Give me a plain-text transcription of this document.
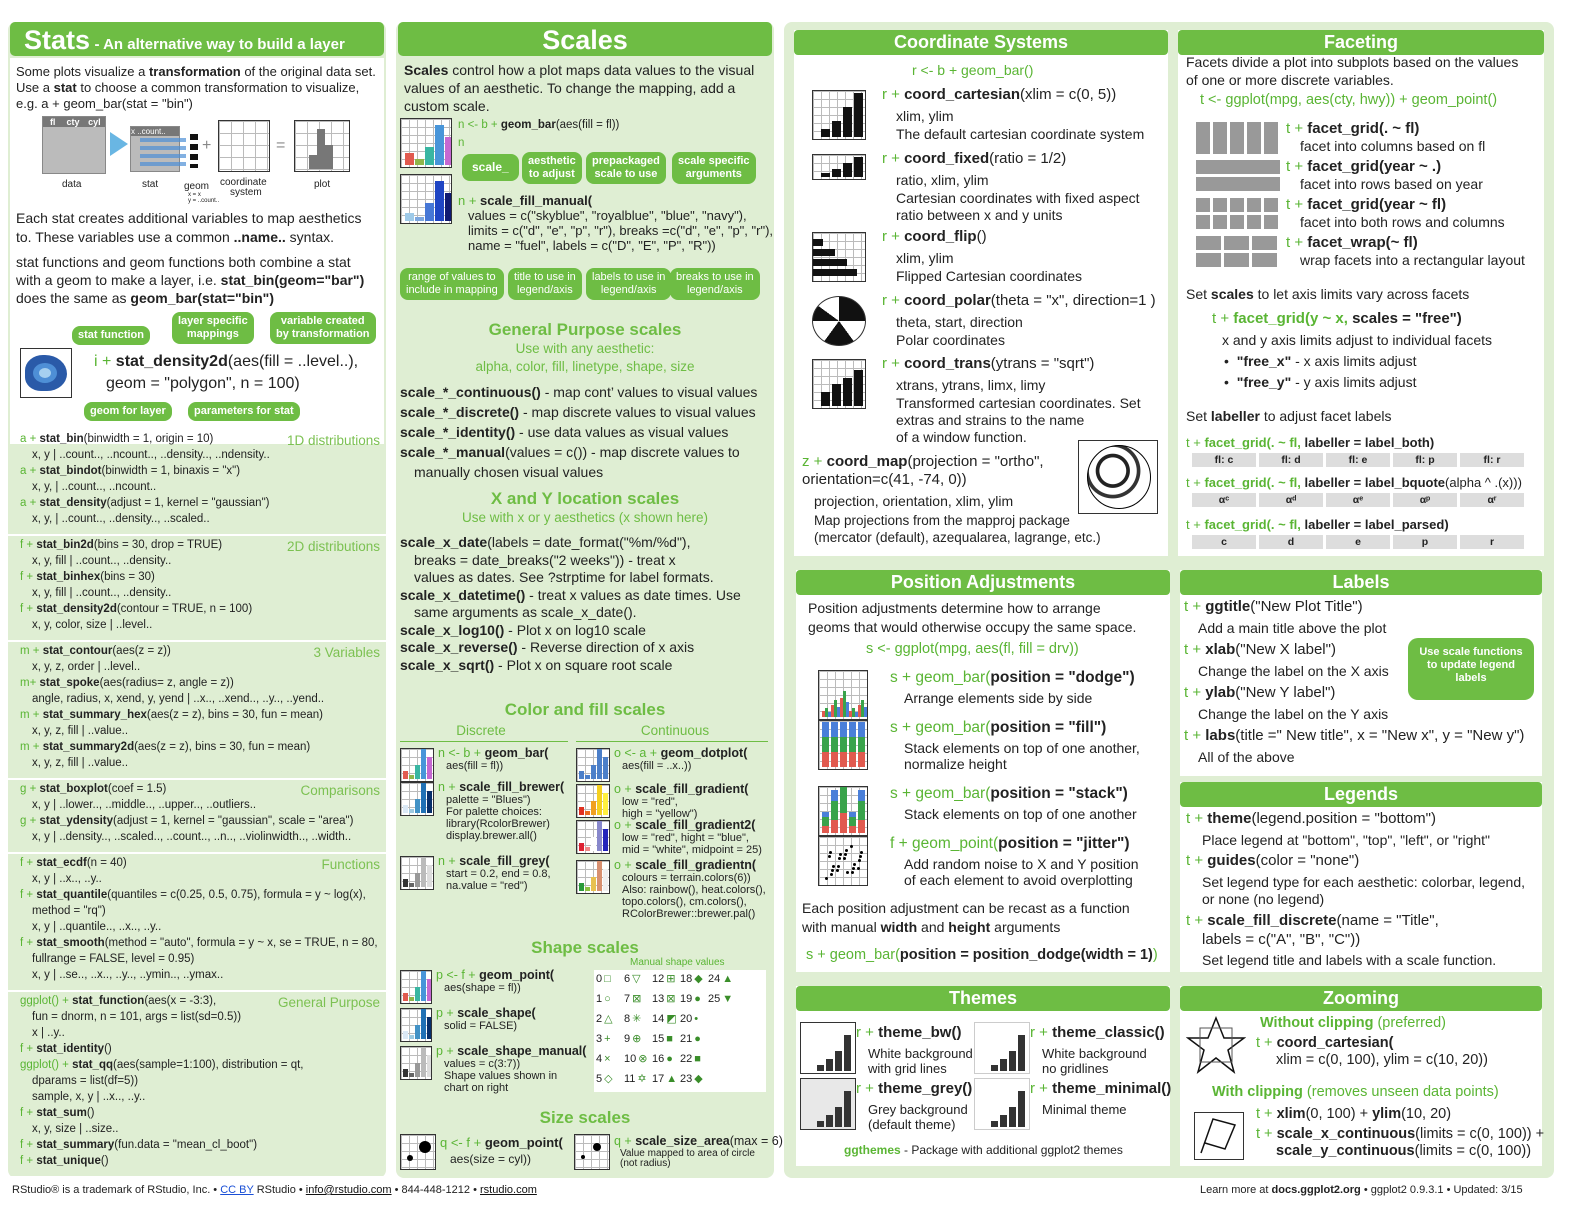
Stats - An alternative way to build a layer
Some plots visualize a transformation of the original data set.
Use a stat to choose a common transformation to visualize,
e.g. a + geom_bar(stat = "bin")
fl	cty cyl
x ..count..
+	=
data	stat	geom
x = x
y = ..count..
coordinate
system
plot
Each stat creates additional variables to map aesthetics
to. These variables use a common ..name.. syntax.
stat functions and geom functions both combine a stat
with a geom to make a layer, i.e. stat_bin(geom="bar")
does the same as geom_bar(stat="bin")
stat function
layer specific
mappings
variable created
by transformation
i + stat_density2d(aes(fill = ..level..),
geom = "polygon", n = 100)
geom for layer	parameters for stat
1D distributions
a + stat_bin(binwidth = 1, origin = 10)
x, y | ..count.., ..ncount.., ..density.., ..ndensity..
a + stat_bindot(binwidth = 1, binaxis = "x")
x, y, | ..count.., ..ncount..
a + stat_density(adjust = 1, kernel = "gaussian")
x, y, | ..count.., ..density.., ..scaled..
2D distributions
f + stat_bin2d(bins = 30, drop = TRUE)
x, y, fill | ..count.., ..density..
f + stat_binhex(bins = 30)
x, y, fill | ..count.., ..density..
f + stat_density2d(contour = TRUE, n = 100)
x, y, color, size | ..level..
3 Variables
m + stat_contour(aes(z = z))
x, y, z, order | ..level..
m+ stat_spoke(aes(radius= z, angle = z))
angle, radius, x, xend, y, yend | ..x.., ..xend.., ..y.., ..yend..
m + stat_summary_hex(aes(z = z), bins = 30, fun = mean)
x, y, z, fill | ..value..
m + stat_summary2d(aes(z = z), bins = 30, fun = mean)
x, y, z, fill | ..value..
Comparisons
g + stat_boxplot(coef = 1.5)
x, y | ..lower.., ..middle.., ..upper.., ..outliers..
g + stat_ydensity(adjust = 1, kernel = "gaussian", scale = "area")
x, y | ..density.., ..scaled.., ..count.., ..n.., ..violinwidth.., ..width..
Functions
f + stat_ecdf(n = 40)
x, y | ..x.., ..y..
f + stat_quantile(quantiles = c(0.25, 0.5, 0.75), formula = y ~ log(x),
method = "rq")
x, y | ..quantile.., ..x.., ..y..
f + stat_smooth(method = "auto", formula = y ~ x, se = TRUE, n = 80,
fullrange = FALSE, level = 0.95)
x, y | ..se.., ..x.., ..y.., ..ymin.., ..ymax..
General Purpose
ggplot() + stat_function(aes(x = -3:3),
fun = dnorm, n = 101, args = list(sd=0.5))
x | ..y..
f + stat_identity()
ggplot() + stat_qq(aes(sample=1:100), distribution = qt,
dparams = list(df=5))
sample, x, y | ..x.., ..y..
f + stat_sum()
x, y, size | ..size..
f + stat_summary(fun.data = "mean_cl_boot")
f + stat_unique()
Scales
Scales control how a plot maps data values to the visual
values of an aesthetic. To change the mapping, add a
custom scale.
n <- b + geom_bar(aes(fill = fl))
n
scale_	aesthetic
to adjust
prepackaged
scale to use
scale specific
arguments
n + scale_fill_manual(
values = c("skyblue", "royalblue", "blue", "navy"),
limits = c("d", "e", "p", "r"), breaks =c("d", "e", "p", "r"),
name = "fuel", labels = c("D", "E", "P", "R"))
range of values to
include in mapping
title to use in
legend/axis
labels to use in
legend/axis
breaks to use in
legend/axis
General Purpose scales
Use with any aesthetic:
alpha, color, fill, linetype, shape, size
scale_*_continuous() - map cont’ values to visual values
scale_*_discrete() - map discrete values to visual values
scale_*_identity() - use data values as visual values
scale_*_manual(values = c()) - map discrete values to
manually chosen visual values
X and Y location scales
Use with x or y aesthetics (x shown here)
scale_x_date(labels = date_format("%m/%d"),
breaks = date_breaks("2 weeks")) - treat x
values as dates. See ?strptime for label formats.
scale_x_datetime() - treat x values as date times. Use
same arguments as scale_x_date().
scale_x_log10() - Plot x on log10 scale
scale_x_reverse() - Reverse direction of x axis
scale_x_sqrt() - Plot x on square root scale
Color and fill scales
Discrete	Continuous
n <- b + geom_bar(
aes(fill = fl))
n + scale_fill_brewer(
palette = "Blues")
For palette choices:
library(RcolorBrewer)
display.brewer.all()
n + scale_fill_grey(
start = 0.2, end = 0.8,
na.value = "red")
o <- a + geom_dotplot(
aes(fill = ..x..))
o + scale_fill_gradient(
low = "red",
high = "yellow")
o + scale_fill_gradient2(
low = "red", hight = "blue",
mid = "white", midpoint = 25)
o + scale_fill_gradientn(
colours = terrain.colors(6))
Also: rainbow(), heat.colors(),
topo.colors(), cm.colors(),
RColorBrewer::brewer.pal()
Shape scales
p <- f + geom_point(
aes(shape = fl))
p + scale_shape(
solid = FALSE)
p + scale_shape_manual(
values = c(3:7))
Shape values shown in
chart on right
Manual shape values
0 □
1 ○
2 △
3 +
4 ×
5 ◇
6 ▽
7 ⊠
8 ✳
9 ⊕
10 ⊗
11 ✡
12 ⊞
13 ⊠
14 ◩
15 ■
16 ●
17 ▲
18 ◆
19 ●
20 •
21 ●
22 ■
23 ◆
24 ▲
25 ▼
Size scales
q <- f + geom_point(
aes(size = cyl))
q + scale_size_area(max = 6)
Value mapped to area of circle
(not radius)
Coordinate Systems
r <- b + geom_bar()
r + coord_cartesian(xlim = c(0, 5))
xlim, ylim
The default cartesian coordinate system
r + coord_fixed(ratio = 1/2)
ratio, xlim, ylim
Cartesian coordinates with fixed aspect
ratio between x and y units
r + coord_flip()
xlim, ylim
Flipped Cartesian coordinates
r + coord_polar(theta = "x", direction=1 )
theta, start, direction
Polar coordinates
r + coord_trans(ytrans = "sqrt")
xtrans, ytrans, limx, limy
Transformed cartesian coordinates. Set
extras and strains to the name
of a window function.
z + coord_map(projection = "ortho",
orientation=c(41, -74, 0))
projection, orientation, xlim, ylim
Map projections from the mapproj package
(mercator (default), azequalarea, lagrange, etc.)
Faceting
Facets divide a plot into subplots based on the values
of one or more discrete variables.
t <- ggplot(mpg, aes(cty, hwy)) + geom_point()
t + facet_grid(. ~ fl)
facet into columns based on fl
t + facet_grid(year ~ .)
facet into rows based on year
t + facet_grid(year ~ fl)
facet into both rows and columns
t + facet_wrap(~ fl)
wrap facets into a rectangular layout
Set scales to let axis limits vary across facets
t + facet_grid(y ~ x, scales = "free")
x and y axis limits adjust to individual facets
•  "free_x" - x axis limits adjust
•  "free_y" - y axis limits adjust
Set labeller to adjust facet labels
t + facet_grid(. ~ fl, labeller = label_both)
fl: c	fl: d	fl: e	fl: p	fl: r
t + facet_grid(. ~ fl, labeller = label_bquote(alpha ^ .(x)))
αᶜ	αᵈ	αᵉ	αᵖ	αʳ
t + facet_grid(. ~ fl, labeller = label_parsed)
c	d	e	p	r
Position Adjustments
Position adjustments determine how to arrange
geoms that would otherwise occupy the same space.
s <- ggplot(mpg, aes(fl, fill = drv))
s + geom_bar(position = "dodge")
Arrange elements side by side
s + geom_bar(position = "fill")
Stack elements on top of one another,
normalize height
s + geom_bar(position = "stack")
Stack elements on top of one another
f + geom_point(position = "jitter")
Add random noise to X and Y position
of each element to avoid overplotting
Each position adjustment can be recast as a function
with manual width and height arguments
s + geom_bar(position = position_dodge(width = 1))
Labels
t + ggtitle("New Plot Title")
Add a main title above the plot
t + xlab("New X label")
Change the label on the X axis
t + ylab("New Y label")
Change the label on the Y axis
t + labs(title =" New title", x = "New x", y = "New y")
All of the above
Use scale functions
to update legend
labels
Legends
t + theme(legend.position = "bottom")
Place legend at "bottom", "top", "left", or "right"
t + guides(color = "none")
Set legend type for each aesthetic: colorbar, legend,
or none (no legend)
t + scale_fill_discrete(name = "Title",
labels = c("A", "B", "C"))
Set legend title and labels with a scale function.
Themes
r + theme_bw()
White background
with grid lines
r + theme_classic()
White background
no gridlines
r + theme_grey()
Grey background
(default theme)
r + theme_minimal()
Minimal theme
ggthemes - Package with additional ggplot2 themes
Zooming
Without clipping (preferred)
t + coord_cartesian(
xlim = c(0, 100), ylim = c(10, 20))
With clipping (removes unseen data points)
t + xlim(0, 100) + ylim(10, 20)
t + scale_x_continuous(limits = c(0, 100)) +
scale_y_continuous(limits = c(0, 100))
RStudio® is a trademark of RStudio, Inc. • CC BY RStudio • info@rstudio.com • 844-448-1212 • rstudio.com	Learn more at docs.ggplot2.org • ggplot2 0.9.3.1 • Updated: 3/15
